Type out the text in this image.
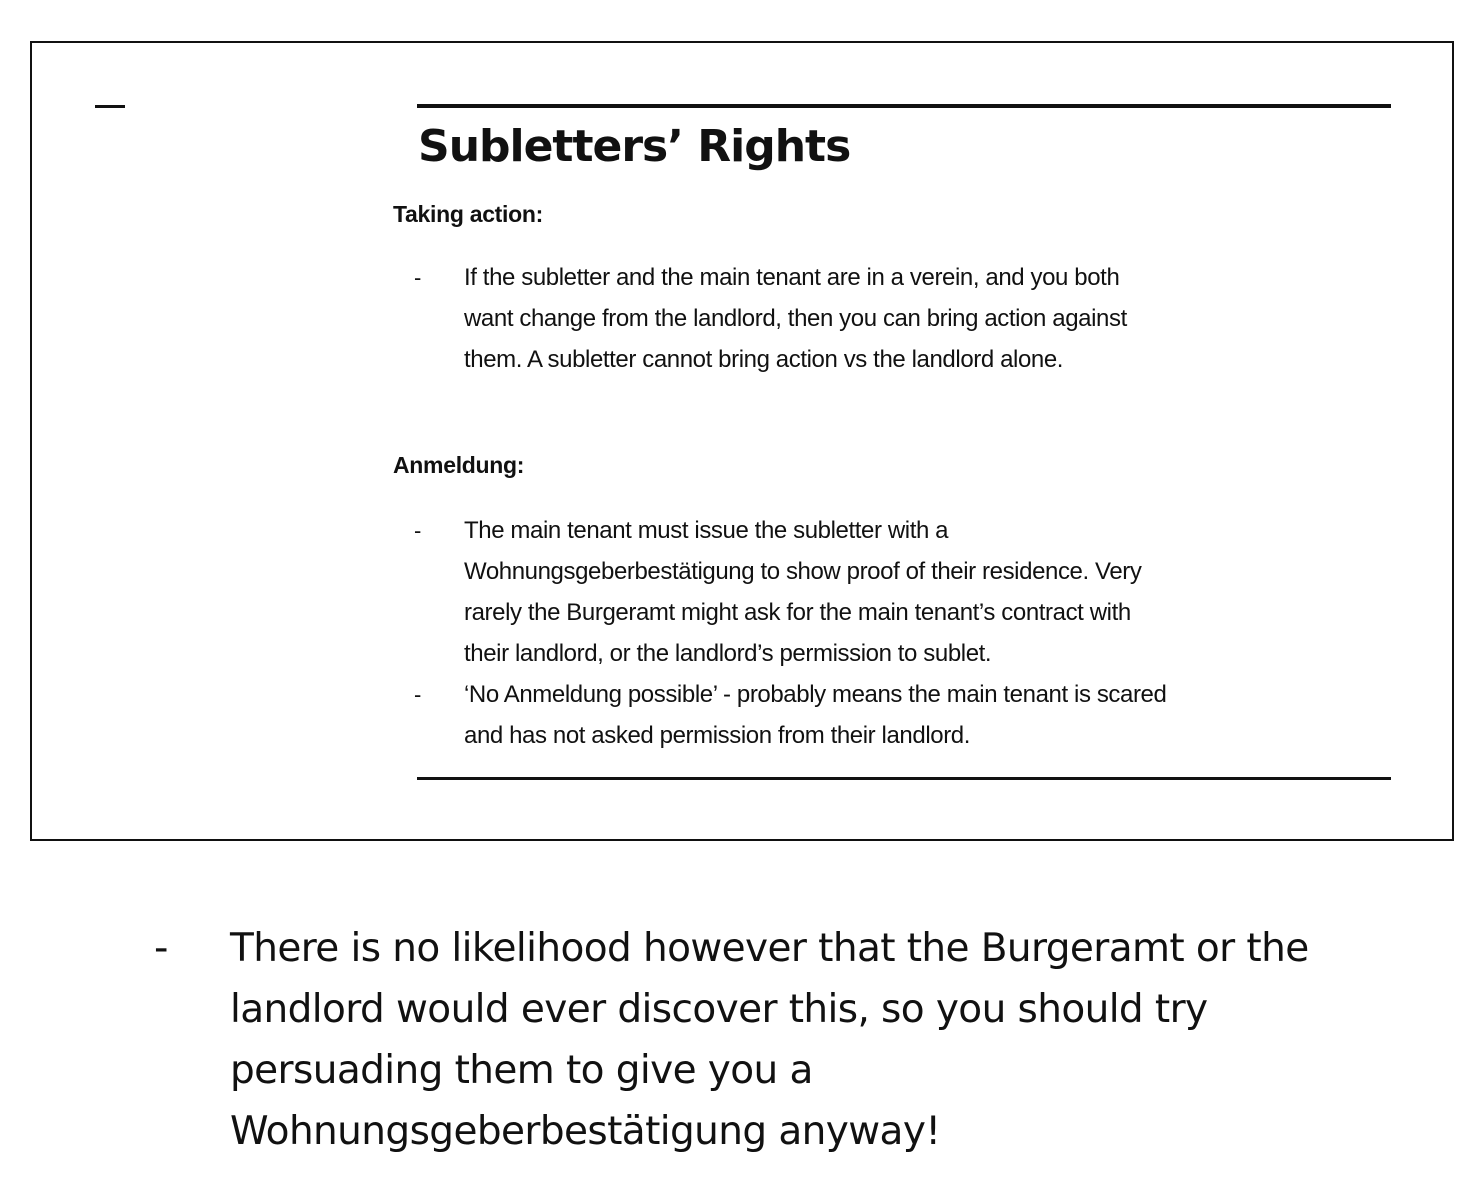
Subletters’ Rights
Taking action:
- If the subletter and the main tenant are in a verein, and you both
want change from the landlord, then you can bring action against
them. A subletter cannot bring action vs the landlord alone.
Anmeldung:
- The main tenant must issue the subletter with a
Wohnungsgeberbestätigung to show proof of their residence. Very
rarely the Burgeramt might ask for the main tenant’s contract with
their landlord, or the landlord’s permission to sublet.
- ‘No Anmeldung possible’ - probably means the main tenant is scared
and has not asked permission from their landlord.
- There is no likelihood however that the Burgeramt or the
landlord would ever discover this, so you should try
persuading them to give you a
Wohnungsgeberbestätigung anyway!
